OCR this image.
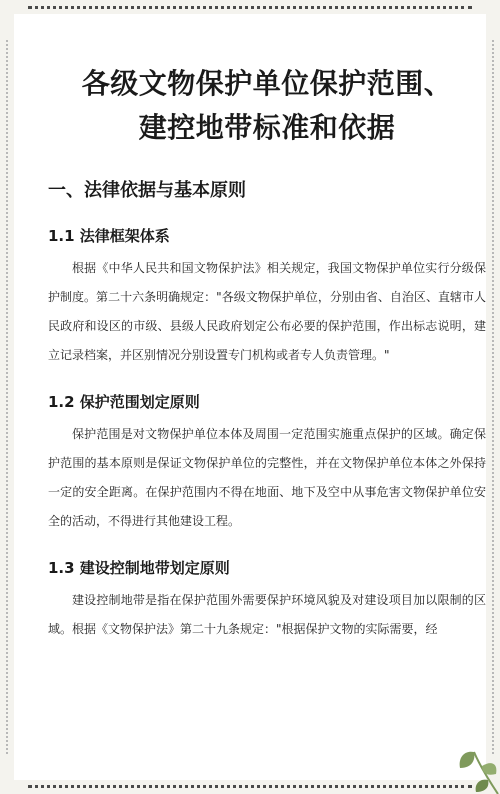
各级文物保护单位保护范围、
建控地带标准和依据
一、法律依据与基本原则
1.1 法律框架体系

根据《中华人民共和国文物保护法》相关规定，我国文物保护单位实行分级保护制度。第二十六条明确规定："各级文物保护单位，分别由省、自治区、直辖市人民政府和设区的市级、县级人民政府划定公布必要的保护范围，作出标志说明，建立记录档案，并区别情况分别设置专门机构或者专人负责管理。"

1.2 保护范围划定原则

保护范围是对文物保护单位本体及周围一定范围实施重点保护的区域。确定保护范围的基本原则是保证文物保护单位的完整性，并在文物保护单位本体之外保持一定的安全距离。在保护范围内不得在地面、地下及空中从事危害文物保护单位安全的活动，不得进行其他建设工程。

1.3 建设控制地带划定原则

建设控制地带是指在保护范围外需要保护环境风貌及对建设项目加以限制的区域。根据《文物保护法》第二十九条规定："根据保护文物的实际需要，经
